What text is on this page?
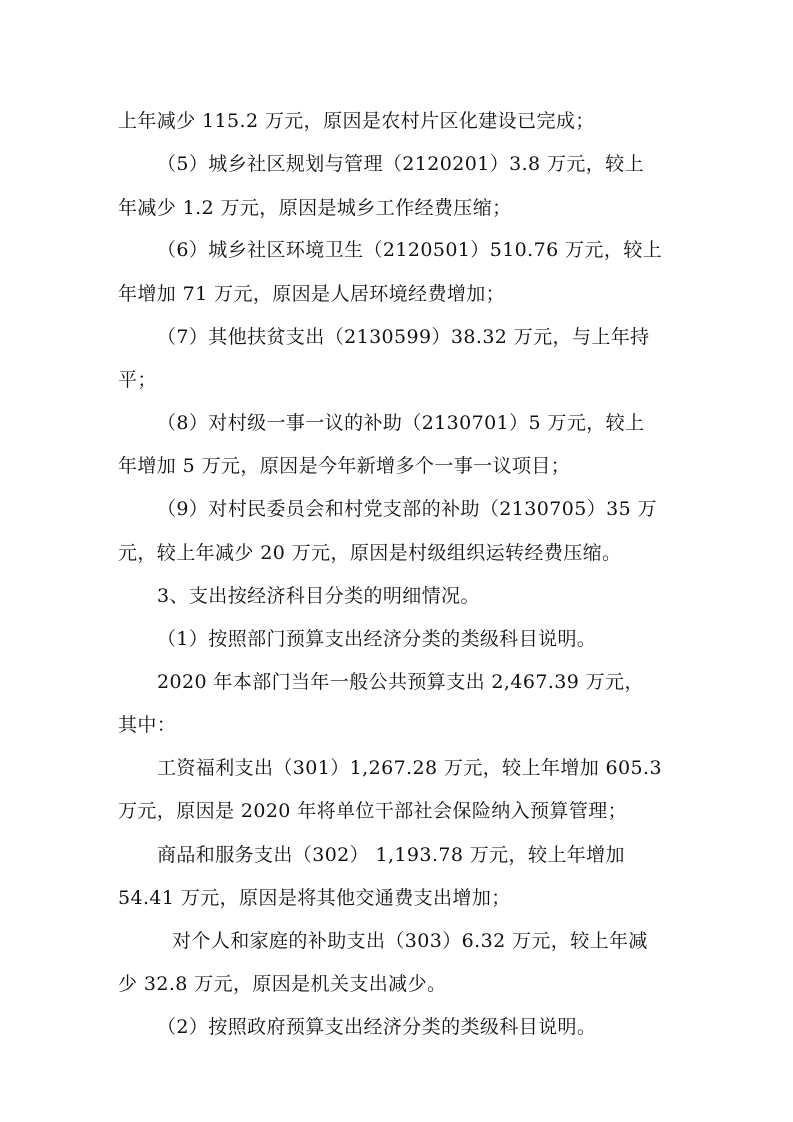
上年减少 115.2 万元，原因是农村片区化建设已完成；
（5）城乡社区规划与管理（2120201）3.8 万元，较上
年减少 1.2 万元，原因是城乡工作经费压缩；
（6）城乡社区环境卫生（2120501）510.76 万元，较上
年增加 71 万元，原因是人居环境经费增加；
（7）其他扶贫支出（2130599）38.32 万元，与上年持
平；
（8）对村级一事一议的补助（2130701）5 万元，较上
年增加 5 万元，原因是今年新增多个一事一议项目；
（9）对村民委员会和村党支部的补助（2130705）35 万
元，较上年减少 20 万元，原因是村级组织运转经费压缩。
3、支出按经济科目分类的明细情况。
（1）按照部门预算支出经济分类的类级科目说明。
2020 年本部门当年一般公共预算支出 2,467.39 万元，
其中：
工资福利支出（301）1,267.28 万元，较上年增加 605.3
万元，原因是 2020 年将单位干部社会保险纳入预算管理；
商品和服务支出（302） 1,193.78 万元，较上年增加
54.41 万元，原因是将其他交通费支出增加；
对个人和家庭的补助支出（303）6.32 万元，较上年减
少 32.8 万元，原因是机关支出减少。
（2）按照政府预算支出经济分类的类级科目说明。
